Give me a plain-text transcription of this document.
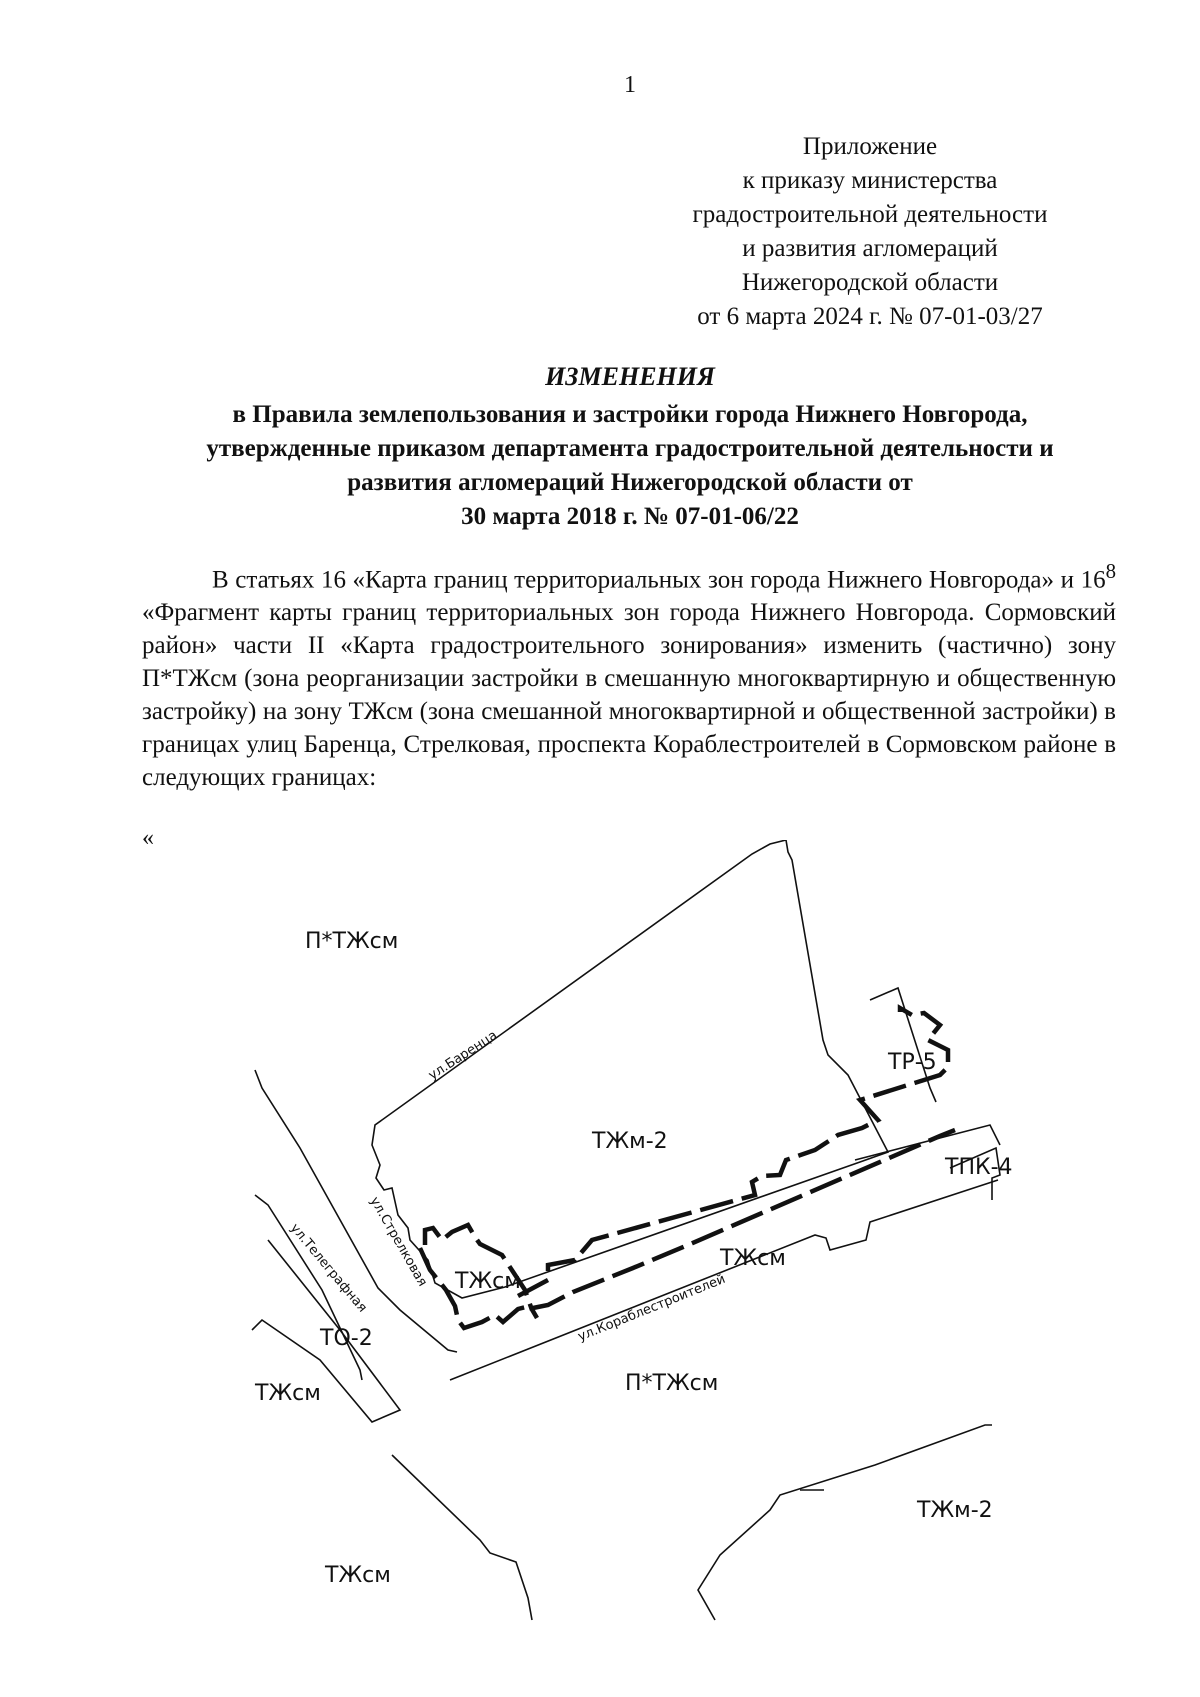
1
Приложение
к приказу министерства
градостроительной деятельности
и развития агломераций
Нижегородской области
от 6 марта 2024 г. № 07-01-03/27
ИЗМЕНЕНИЯ
в Правила землепользования и застройки города Нижнего Новгорода,
утвержденные приказом департамента градостроительной деятельности и
развития агломераций Нижегородской области от
30 марта 2018 г. № 07-01-06/22

В статьях 16 «Карта границ территориальных зон города Нижнего Новгорода» и $16^8$ «Фрагмент карты границ территориальных зон города Нижнего Новгорода. Сормовский район» части II «Карта градостроительного зонирования» изменить (частично) зону П*ТЖсм (зона реорганизации застройки в смешанную многоквартирную и общественную застройку) на зону ТЖсм (зона смешанной многоквартирной и общественной застройки) в границах улиц Баренца, Стрелковая, проспекта Кораблестроителей в Сормовском районе в следующих границах:

«
П*ТЖсм
ТЖм-2
ТР-5
ТПК-4
ТЖсм
ТЖсм
ТО-2
ТЖсм	П*ТЖсм
ТЖм-2
ТЖсм
ул.Баренца
ул.Стрелковая
ул.Телеграфная	ул.Кораблестроителей
